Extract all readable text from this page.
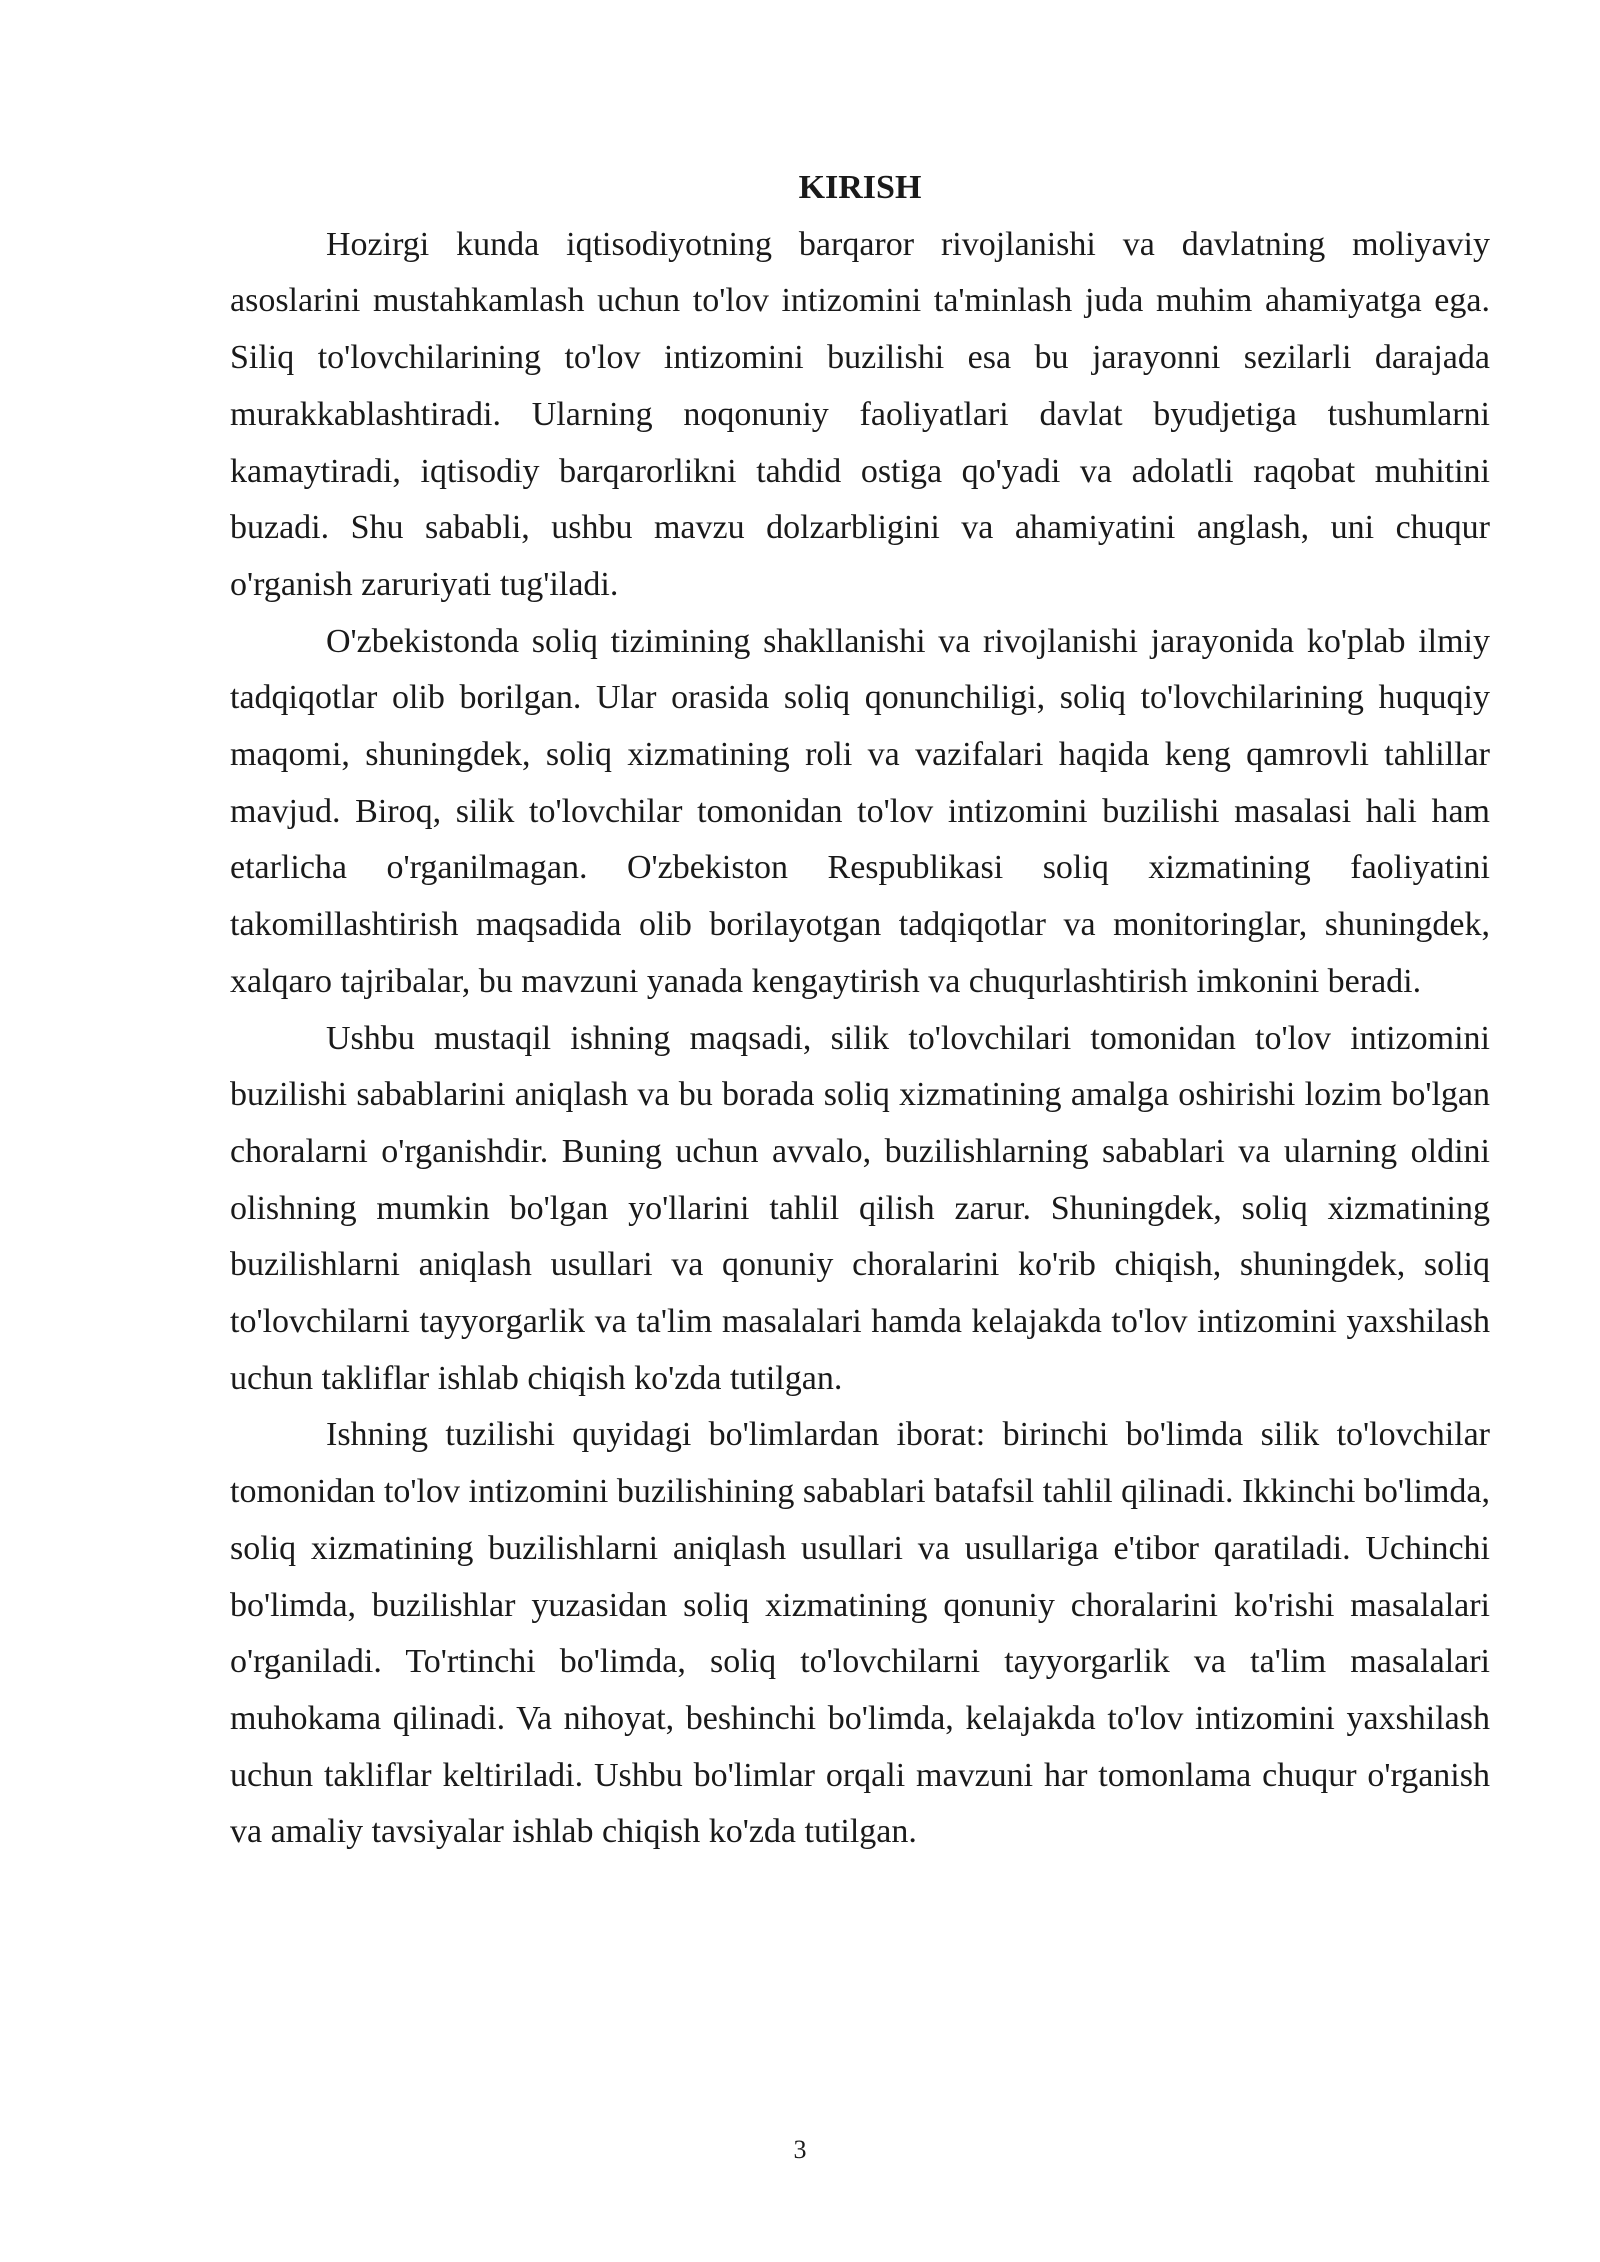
KIRISH

Hozirgi kunda iqtisodiyotning barqaror rivojlanishi va davlatning moliyaviy asoslarini mustahkamlash uchun to'lov intizomini ta'minlash juda muhim ahamiyatga ega. Siliq to'lovchilarining to'lov intizomini buzilishi esa bu jarayonni sezilarli darajada murakkablashtiradi. Ularning noqonuniy faoliyatlari davlat byudjetiga tushumlarni kamaytiradi, iqtisodiy barqarorlikni tahdid ostiga qo'yadi va adolatli raqobat muhitini buzadi. Shu sababli, ushbu mavzu dolzarbligini va ahamiyatini anglash, uni chuqur o'rganish zaruriyati tug'iladi.

O'zbekistonda soliq tizimining shakllanishi va rivojlanishi jarayonida ko'plab ilmiy tadqiqotlar olib borilgan. Ular orasida soliq qonunchiligi, soliq to'lovchilarining huquqiy maqomi, shuningdek, soliq xizmatining roli va vazifalari haqida keng qamrovli tahlillar mavjud. Biroq, silik to'lovchilar tomonidan to'lov intizomini buzilishi masalasi hali ham etarlicha o'rganilmagan. O'zbekiston Respublikasi soliq xizmatining faoliyatini takomillashtirish maqsadida olib borilayotgan tadqiqotlar va monitoringlar, shuningdek, xalqaro tajribalar, bu mavzuni yanada kengaytirish va chuqurlashtirish imkonini beradi.

Ushbu mustaqil ishning maqsadi, silik to'lovchilari tomonidan to'lov intizomini buzilishi sabablarini aniqlash va bu borada soliq xizmatining amalga oshirishi lozim bo'lgan choralarni o'rganishdir. Buning uchun avvalo, buzilishlarning sabablari va ularning oldini olishning mumkin bo'lgan yo'llarini tahlil qilish zarur. Shuningdek, soliq xizmatining buzilishlarni aniqlash usullari va qonuniy choralarini ko'rib chiqish, shuningdek, soliq to'lovchilarni tayyorgarlik va ta'lim masalalari hamda kelajakda to'lov intizomini yaxshilash uchun takliflar ishlab chiqish ko'zda tutilgan.

Ishning tuzilishi quyidagi bo'limlardan iborat: birinchi bo'limda silik to'lovchilar tomonidan to'lov intizomini buzilishining sabablari batafsil tahlil qilinadi. Ikkinchi bo'limda, soliq xizmatining buzilishlarni aniqlash usullari va usullariga e'tibor qaratiladi. Uchinchi bo'limda, buzilishlar yuzasidan soliq xizmatining qonuniy choralarini ko'rishi masalalari o'rganiladi. To'rtinchi bo'limda, soliq to'lovchilarni tayyorgarlik va ta'lim masalalari muhokama qilinadi. Va nihoyat, beshinchi bo'limda, kelajakda to'lov intizomini yaxshilash uchun takliflar keltiriladi. Ushbu bo'limlar orqali mavzuni har tomonlama chuqur o'rganish va amaliy tavsiyalar ishlab chiqish ko'zda tutilgan.

3
